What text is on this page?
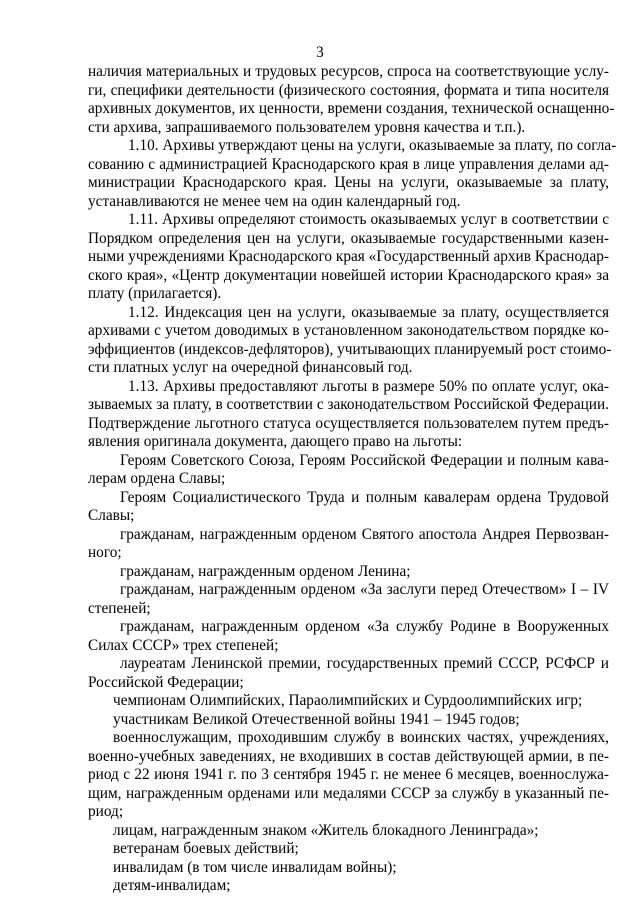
3
наличия материальных и трудовых ресурсов, спроса на соответствующие услу-
ги, специфики деятельности (физического состояния, формата и типа носителя
архивных документов, их ценности, времени создания, технической оснащенно-
сти архива, запрашиваемого пользователем уровня качества и т.п.).
1.10. Архивы утверждают цены на услуги, оказываемые за плату, по согла-
сованию с администрацией Краснодарского края в лице управления делами ад-
министрации Краснодарского края. Цены на услуги, оказываемые за плату,
устанавливаются не менее чем на один календарный год.
1.11. Архивы определяют стоимость оказываемых услуг в соответствии с
Порядком определения цен на услуги, оказываемые государственными казен-
ными учреждениями Краснодарского края «Государственный архив Краснодар-
ского края», «Центр документации новейшей истории Краснодарского края» за
плату (прилагается).
1.12. Индексация цен на услуги, оказываемые за плату, осуществляется
архивами с учетом доводимых в установленном законодательством порядке ко-
эффициентов (индексов-дефляторов), учитывающих планируемый рост стоимо-
сти платных услуг на очередной финансовый год.
1.13. Архивы предоставляют льготы в размере 50% по оплате услуг, ока-
зываемых за плату, в соответствии с законодательством Российской Федерации.
Подтверждение льготного статуса осуществляется пользователем путем предъ-
явления оригинала документа, дающего право на льготы:
Героям Советского Союза, Героям Российской Федерации и полным кава-
лерам ордена Славы;
Героям Социалистического Труда и полным кавалерам ордена Трудовой
Славы;
гражданам, награжденным орденом Святого апостола Андрея Первозван-
ного;
гражданам, награжденным орденом Ленина;
гражданам, награжденным орденом «За заслуги перед Отечеством» I – IV
степеней;
гражданам, награжденным орденом «За службу Родине в Вооруженных
Силах СССР» трех степеней;
лауреатам Ленинской премии, государственных премий СССР, РСФСР и
Российской Федерации;
чемпионам Олимпийских, Параолимпийских и Сурдоолимпийских игр;
участникам Великой Отечественной войны 1941 – 1945 годов;
военнослужащим, проходившим службу в воинских частях, учреждениях,
военно-учебных заведениях, не входивших в состав действующей армии, в пе-
риод с 22 июня 1941 г. по 3 сентября 1945 г. не менее 6 месяцев, военнослужа-
щим, награжденным орденами или медалями СССР за службу в указанный пе-
риод;
лицам, награжденным знаком «Житель блокадного Ленинграда»;
ветеранам боевых действий;
инвалидам (в том числе инвалидам войны);
детям-инвалидам;
